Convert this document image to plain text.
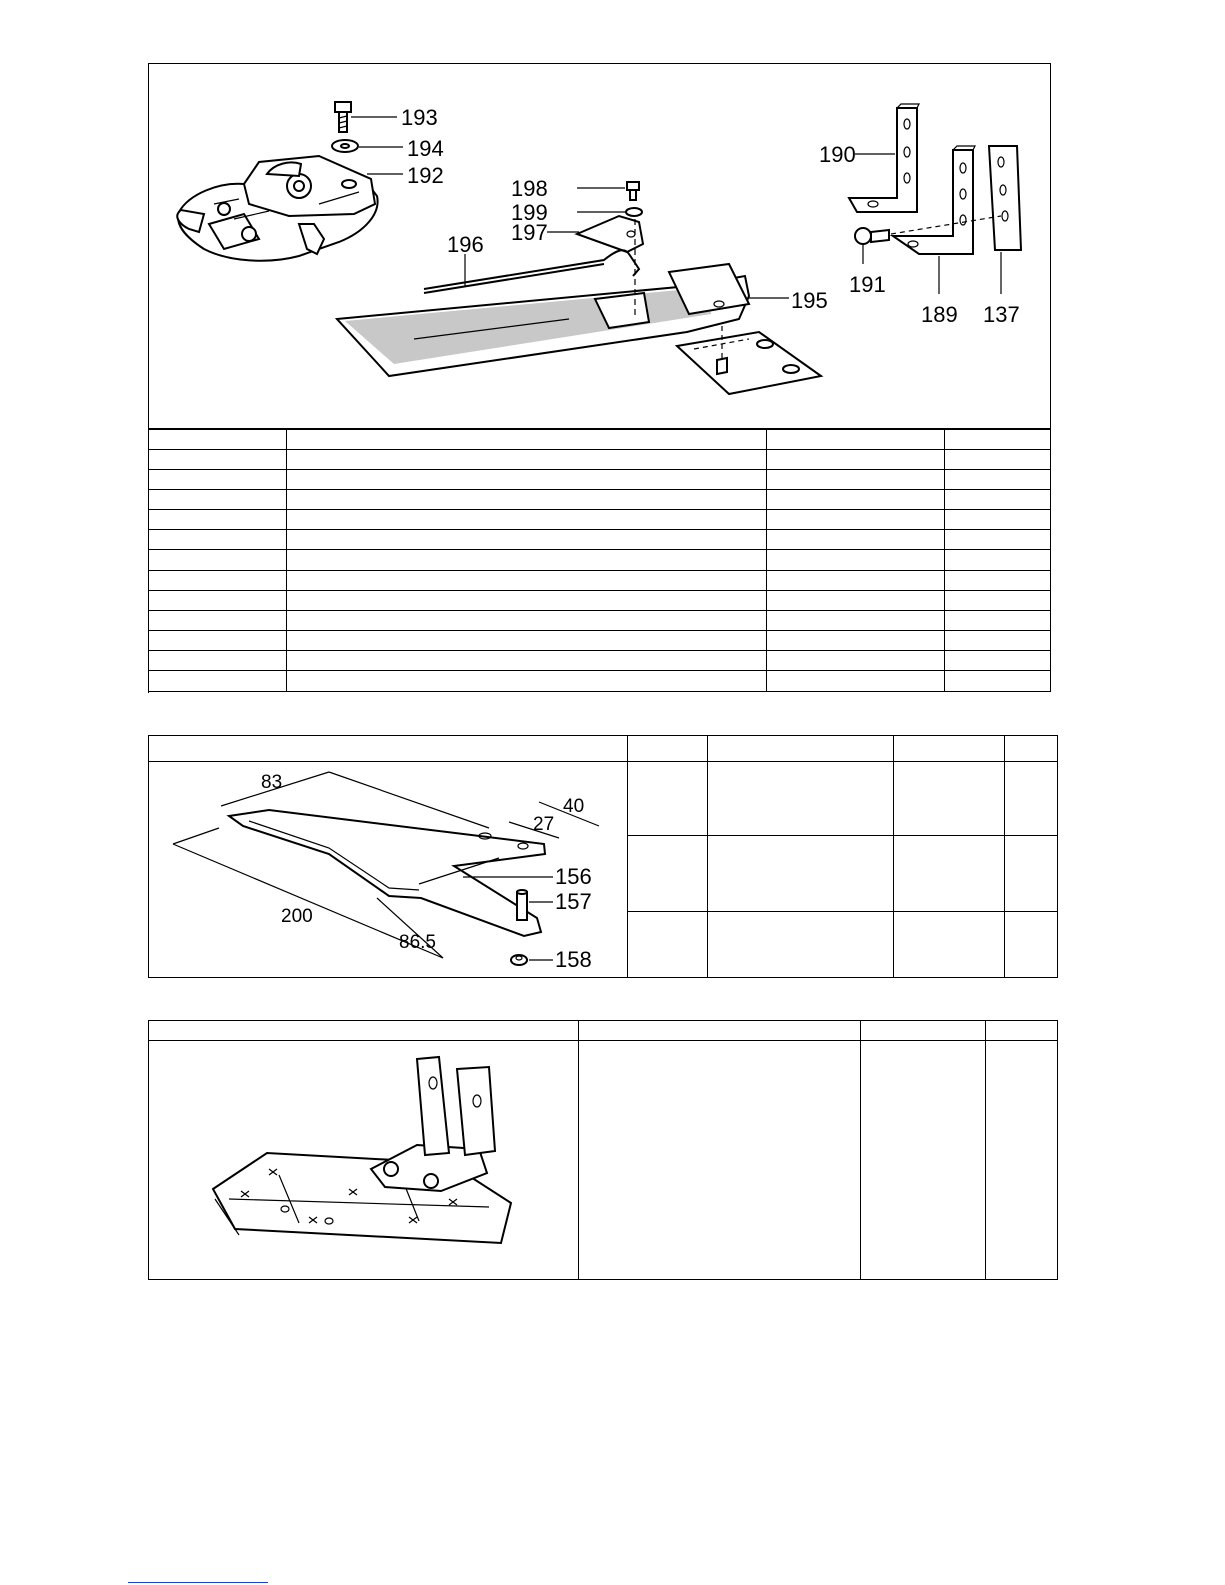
193
194
192
198
199
197
196
195
190
189 137
191
83
40
27
200
86.5
156
157
158
